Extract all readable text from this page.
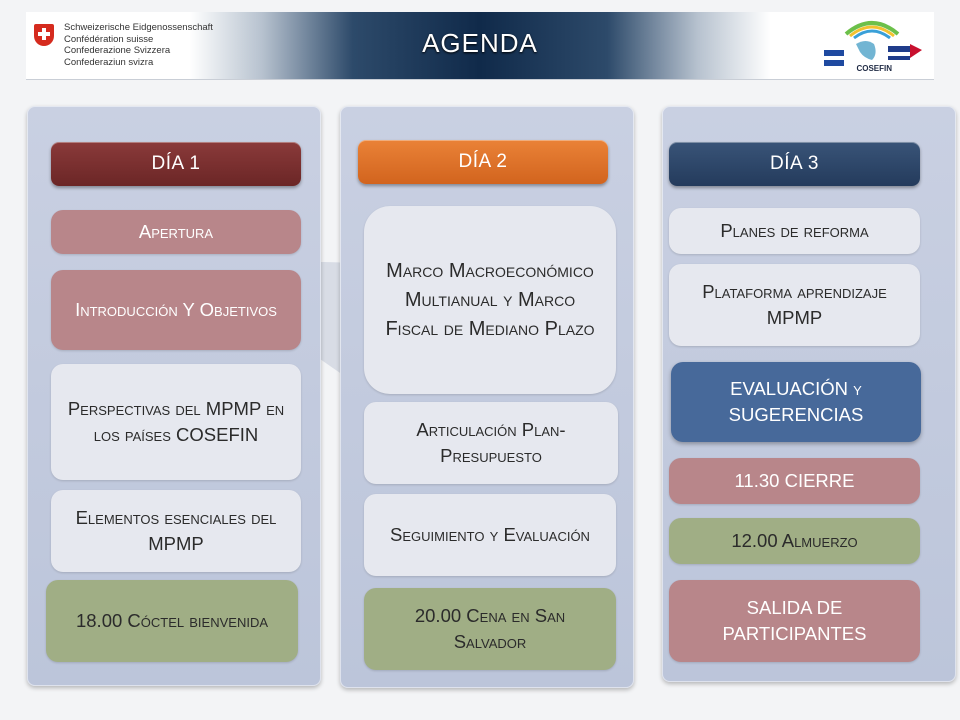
Schweizerische Eidgenossenschaft
Confédération suisse
Confederazione Svizzera
Confederaziun svizra
AGENDA
COSEFIN
DÍA 1
Apertura
Introducción Y Objetivos
Perspectivas del MPMP en los países COSEFIN
Elementos esenciales del MPMP
18.00 Cóctel bienvenida
DÍA 2
Marco Macroeconómico Multianual y Marco Fiscal de Mediano Plazo
Articulación Plan-Presupuesto
Seguimiento y Evaluación
20.00 Cena en San Salvador
DÍA 3
Planes de reforma
Plataforma aprendizaje MPMP
EVALUACIÓN y SUGERENCIAS
11.30 CIERRE
12.00 Almuerzo
SALIDA DE PARTICIPANTES
